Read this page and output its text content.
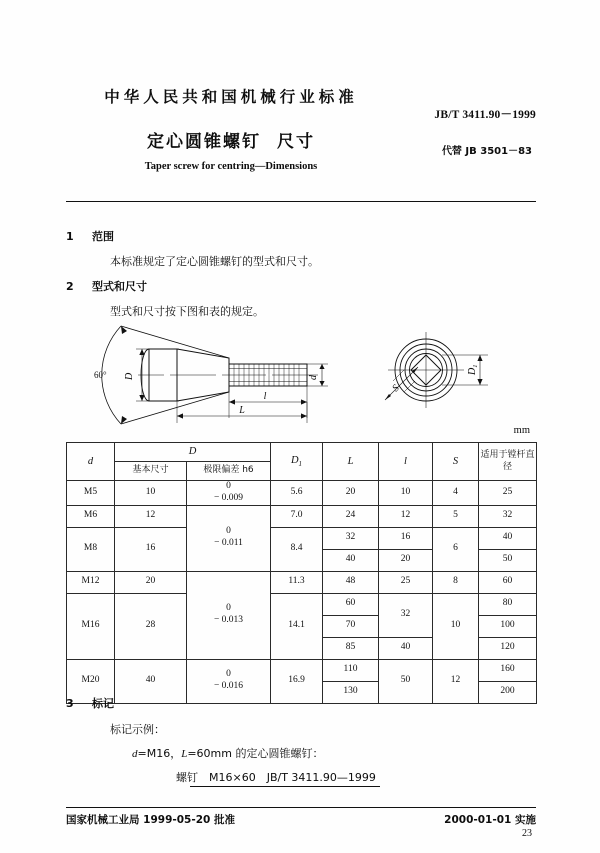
中华人民共和国机械行业标准
JB/T 3411.90－1999
定心圆锥螺钉 尺寸	代替 JB 3501－83
Taper screw for centring—Dimensions
1 范围
本标准规定了定心圆锥螺钉的型式和尺寸。
2 型式和尺寸
型式和尺寸按下图和表的规定。
60° D	d
l
L
$D_1$
S
mm
d	D		$D_1$	L	l	S	适用于镗杆直径
	基本尺寸	极限偏差 h6					
M5	10	0
− 0.009	5.6	20	10	4	25
M6	12	0
− 0.011	7.0	24	12	5	32
M8	16		8.4	32	16	6	40
				40	20		50
M12	20	0
− 0.013	11.3	48	25	8	60
M16	28		14.1	60	32	10	80
				70			100
				85	40		120
M20	40	0
− 0.016	16.9	110	50	12	160
				130			200
3 标记
标记示例：
d=M16，L=60mm 的定心圆锥螺钉：
螺钉　M16×60　JB/T 3411.90—1999
国家机械工业局 1999-05-20 批准	2000-01-01 实施
23
